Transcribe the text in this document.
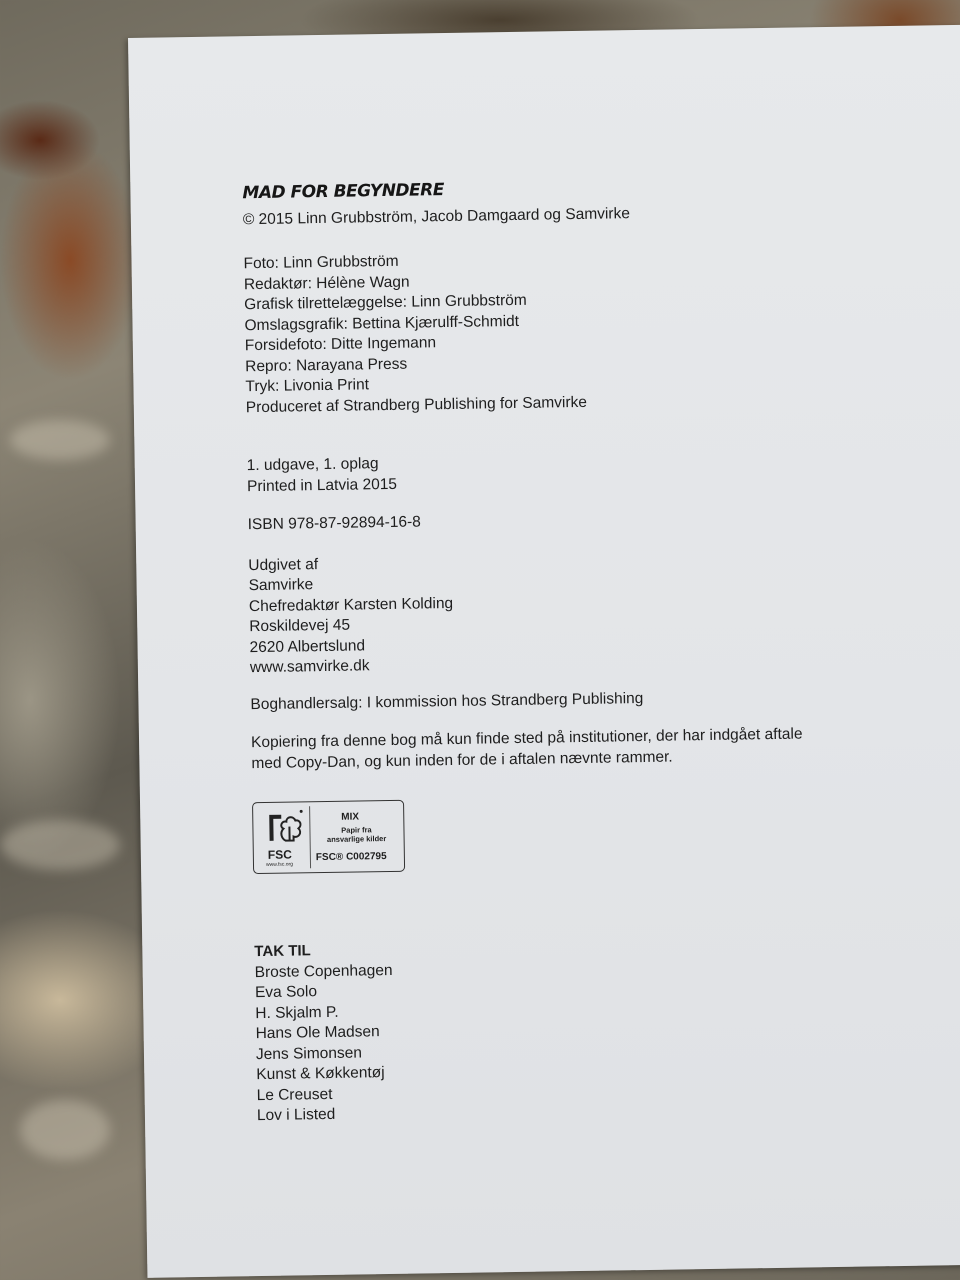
MAD FOR BEGYNDERE
© 2015 Linn Grubbström, Jacob Damgaard og Samvirke
Foto: Linn Grubbström
Redaktør: Hélène Wagn
Grafisk tilrettelæggelse: Linn Grubbström
Omslagsgrafik: Bettina Kjærulff-Schmidt
Forsidefoto: Ditte Ingemann
Repro: Narayana Press
Tryk: Livonia Print
Produceret af Strandberg Publishing for Samvirke
1. udgave, 1. oplag
Printed in Latvia 2015
ISBN 978-87-92894-16-8
Udgivet af
Samvirke
Chefredaktør Karsten Kolding
Roskildevej 45
2620 Albertslund
www.samvirke.dk
Boghandlersalg: I kommission hos Strandberg Publishing
Kopiering fra denne bog må kun finde sted på institutioner, der har indgået aftale
med Copy-Dan, og kun inden for de i aftalen nævnte rammer.
FSC
www.fsc.org
MIX
Papir fra
ansvarlige kilder
FSC® C002795
TAK TIL
Broste Copenhagen
Eva Solo
H. Skjalm P.
Hans Ole Madsen
Jens Simonsen
Kunst & Køkkentøj
Le Creuset
Lov i Listed
